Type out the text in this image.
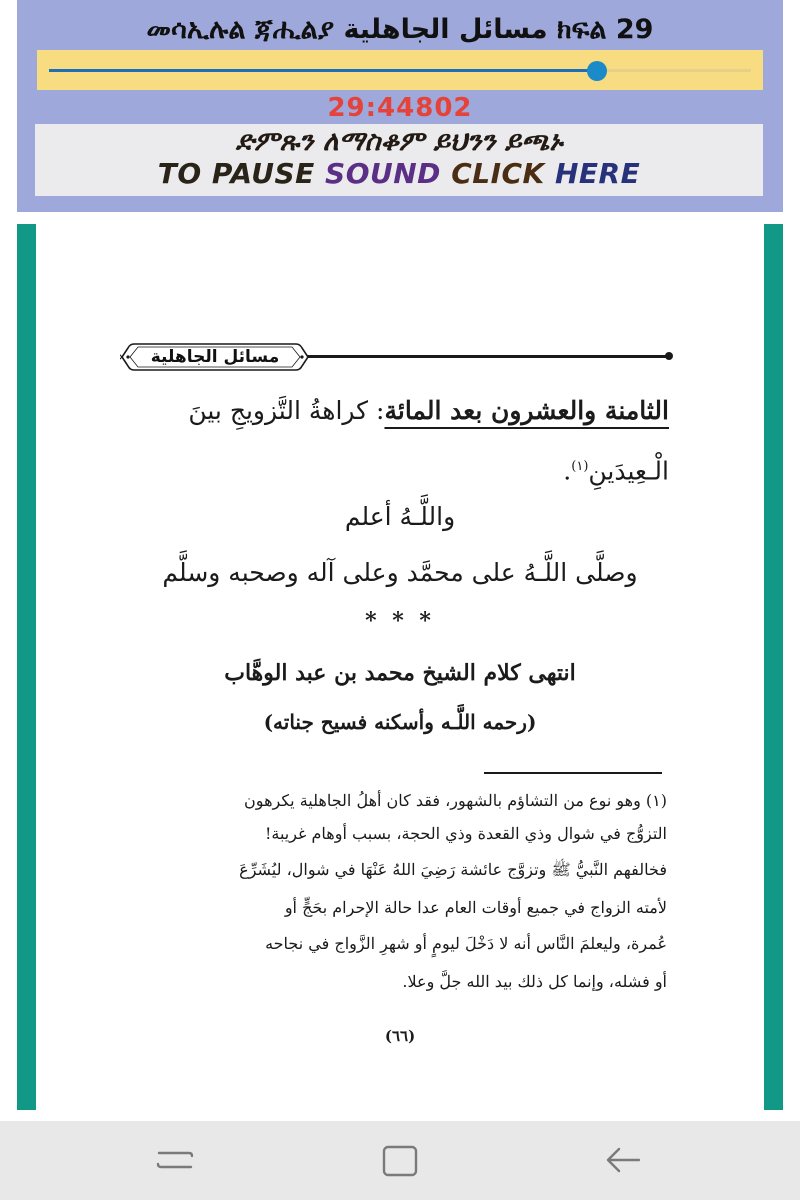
መሳኢሉል ጃሒልያ مسائل الجاهلية ክፍል 29
29:44802
ድምጹን ለማስቆም ይህንን ይጫኑ
TO PAUSE SOUND CLICK HERE
مسائل الجاهلية
الثامنة والعشرون بعد المائة: كراهةُ التَّزويجِ بينَ
الْـعِيدَينِ$^{(١)}$.
واللَّـهُ أعلم
وصلَّى اللَّـهُ على محمَّد وعلى آله وصحبه وسلَّم
* * *
انتهى كلام الشيخ محمد بن عبد الوهَّاب
(رحمه اللَّـه وأسكنه فسيح جناته)
(١) وهو نوع من التشاؤم بالشهور، فقد كان أهلُ الجاهلية يكرهون
التزوُّج في شوال وذي القعدة وذي الحجة، بسبب أوهام غريبة!
فخالفهم النَّبيُّ ﷺ وتزوَّج عائشة رَضِيَ اللهُ عَنْهَا في شوال، ليُشَرِّعَ
لأمته الزواج في جميع أوقات العام عدا حالة الإحرام بحَجٍّ أو
عُمرة، وليعلمَ النَّاس أنه لا دَخْلَ ليومٍ أو شهرِ الزَّواج في نجاحه
أو فشله، وإنما كل ذلك بيد الله جلَّ وعلا.
(٦٦)
